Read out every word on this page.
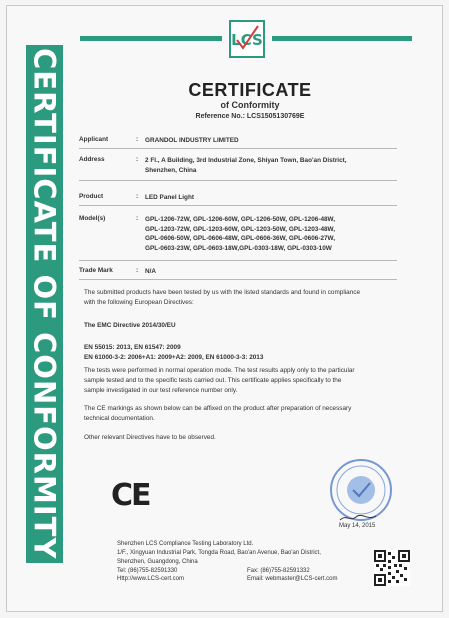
CERTIFICATE OF CONFORMITY
LCS
CERTIFICATE
of Conformity
Reference No.: LCS1505130769E
Applicant	: GRANDOL INDUSTRY LIMITED
Address	: 2 Fl., A Building, 3rd Industrial Zone, Shiyan Town, Bao'an District,
Shenzhen, China
Product	: LED Panel Light
Model(s)	: GPL-1206-72W, GPL-1206-60W, GPL-1206-50W, GPL-1206-48W,
GPL-1203-72W, GPL-1203-60W, GPL-1203-50W, GPL-1203-48W,
GPL-0606-50W, GPL-0606-48W, GPL-0606-36W, GPL-0606-27W,
GPL-0603-23W, GPL-0603-18W,GPL-0303-18W, GPL-0303-10W
Trade Mark	: N/A
The submitted products have been tested by us with the listed standards and found in compliance
with the following European Directives:
The EMC Directive 2014/30/EU
EN 55015: 2013, EN 61547: 2009
EN 61000-3-2: 2006+A1: 2009+A2: 2009, EN 61000-3-3: 2013
The tests were performed in normal operation mode. The test results apply only to the particular
sample tested and to the specific tests carried out. This certificate applies specifically to the
sample investigated in our test reference number only.
The CE markings as shown below can be affixed on the product after preparation of necessary
technical documentation.
Other relevant Directives have to be observed.
CE
May 14, 2015
Shenzhen LCS Compliance Testing Laboratory Ltd.
1/F., Xingyuan Industrial Park, Tongda Road, Bao'an Avenue, Bao'an District,
Shenzhen, Guangdong, China
Tel: (86)755-82591330
Http://www.LCS-cert.com
Fax: (86)755-82591332
Email: webmaster@LCS-cert.com
